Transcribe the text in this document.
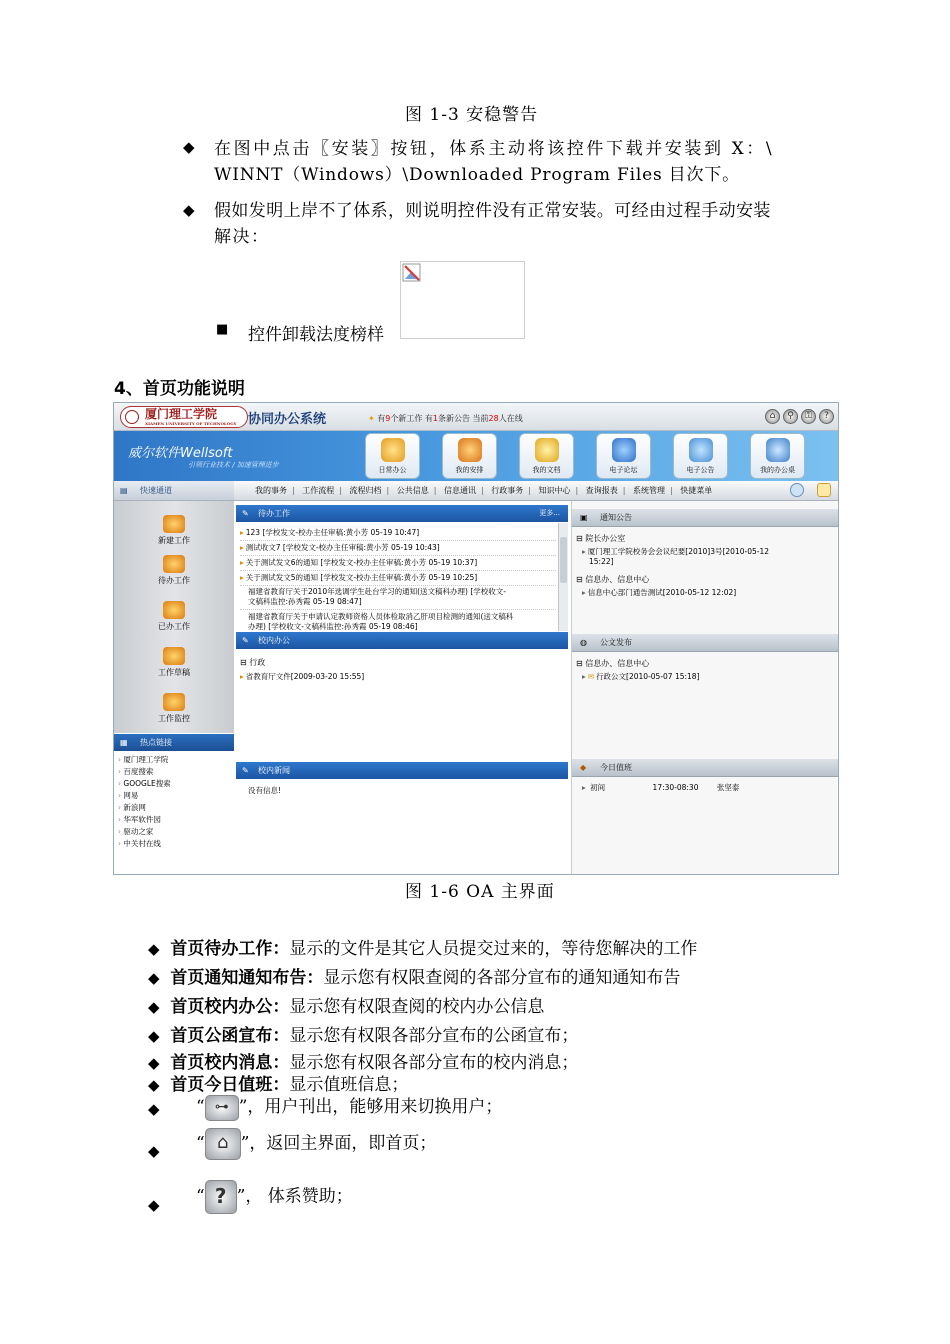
图 1-3 安稳警告
◆ 在图中点击〖安装〗按钮，体系主动将该控件下载并安装到 X：\
WINNT（Windows）\Downloaded Program Files 目次下。
◆ 假如发明上岸不了体系，则说明控件没有正常安装。可经由过程手动安装
解决：
■ 控件卸载法度榜样
4、首页功能说明
厦门理工学院
XIAMEN UNIVERSITY OF TECHNOLOGY 协同办公系统	✦ 有9个新工作 有1条新公告 当前28人在线	⌂	⚲	⚿	?
威尔软件Wellsoft
引领行业技术 / 加速管理进步
日常办公	我的安排	我的文档	电子论坛	电子公告	我的办公桌
▤ 快速通道	我的事务 | 工作流程 | 流程归档 | 公共信息 | 信息通讯 | 行政事务 | 知识中心 | 查询报表 | 系统管理 | 快捷菜单
新建工作
待办工作
已办工作
工作草稿
工作监控
▦ 热点链接
› 厦门理工学院
› 百度搜索
› GOOGLE搜索
› 网易
› 新浪网
› 华军软件园
› 驱动之家
› 中关村在线
✎ 待办工作	更多...
▸ 123 [学校发文-校办主任审稿:黄小芳 05-19 10:47]
▸ 测试收文7 [学校发文-校办主任审稿:黄小芳 05-19 10:43]
▸ 关于测试发文6的通知 [学校发文-校办主任审稿:黄小芳 05-19 10:37]
▸ 关于测试发文5的通知 [学校发文-校办主任审稿:黄小芳 05-19 10:25]
福建省教育厅关于2010年选调学生赴台学习的通知(送文稿科办理) [学校收文-
文稿科监控:孙秀霞 05-19 08:47]
福建省教育厅关于申请认定教师资格人员体检取消乙肝项目检测的通知(送文稿科
办理) [学校收文-文稿科监控:孙秀霞 05-19 08:46]
✎ 校内办公
⊟ 行政
▸ 省教育厅文件[2009-03-20 15:55]
✎ 校内新闻
没有信息!
▣ 通知公告
⊟ 院长办公室
▸ 厦门理工学院校务会会议纪要[2010]3号[2010-05-12
15:22]
⊟ 信息办、信息中心
▸ 信息中心部门通告测试[2010-05-12 12:02]
◍ 公文发布
⊟ 信息办、信息中心
▸ ✉ 行政公文[2010-05-07 15:18]
◆ 今日值班
▸ 初间	17:30-08:30 张坚泰
图 1-6 OA 主界面
◆ 首页待办工作：显示的文件是其它人员提交过来的，等待您解决的工作
◆ 首页通知通知布告：显示您有权限查阅的各部分宣布的通知通知布告
◆ 首页校内办公：显示您有权限查阅的校内办公信息
◆ 首页公函宣布：显示您有权限各部分宣布的公函宣布；
◆ 首页校内消息：显示您有权限各部分宣布的校内消息；
◆ 首页今日值班：显示值班信息；
◆ “ ⊶ ”，用户刊出，能够用来切换用户；
◆ “ ⌂ ”，返回主界面，即首页；
◆ “ ? ”， 体系赞助；
